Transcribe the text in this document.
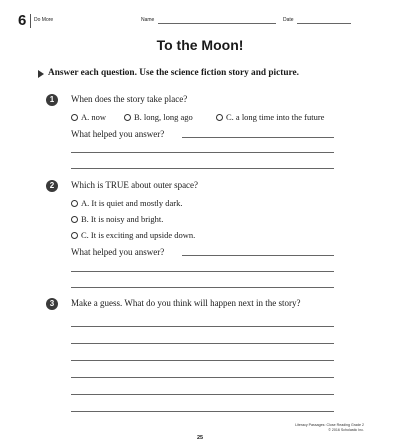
6 Do More	Name	Date
To the Moon!
Answer each question. Use the science fiction story and picture.
1	When does the story take place?
A. now	B. long, long ago	C. a long time into the future
What helped you answer?
2	Which is TRUE about outer space?
A. It is quiet and mostly dark.
B. It is noisy and bright.
C. It is exciting and upside down.
What helped you answer?
3	Make a guess. What do you think will happen next in the story?
Literacy Passages: Close Reading Grade 2
© 2016 Scholastic Inc.
25
